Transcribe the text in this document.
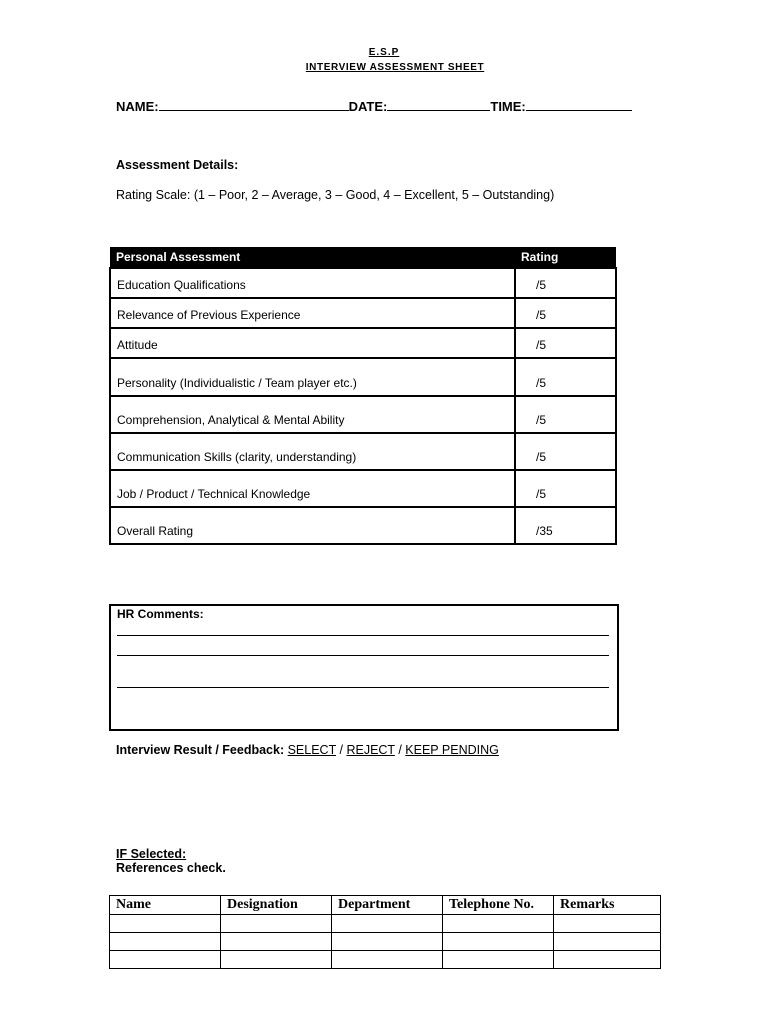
E.S.P
INTERVIEW ASSESSMENT SHEET
NAME:	DATE:	TIME:
Assessment Details:
Rating Scale: (1 – Poor, 2 – Average, 3 – Good, 4 – Excellent, 5 – Outstanding)
Personal Assessment	Rating
Education Qualifications	/5
Relevance of Previous Experience	/5
Attitude	/5
Personality (Individualistic / Team player etc.)	/5
Comprehension, Analytical & Mental Ability	/5
Communication Skills (clarity, understanding)	/5
Job / Product / Technical Knowledge	/5
Overall Rating	/35
HR Comments:
Interview Result / Feedback: SELECT / REJECT / KEEP PENDING
IF Selected:
References check.
Name	Designation	Department	Telephone No.	Remarks
